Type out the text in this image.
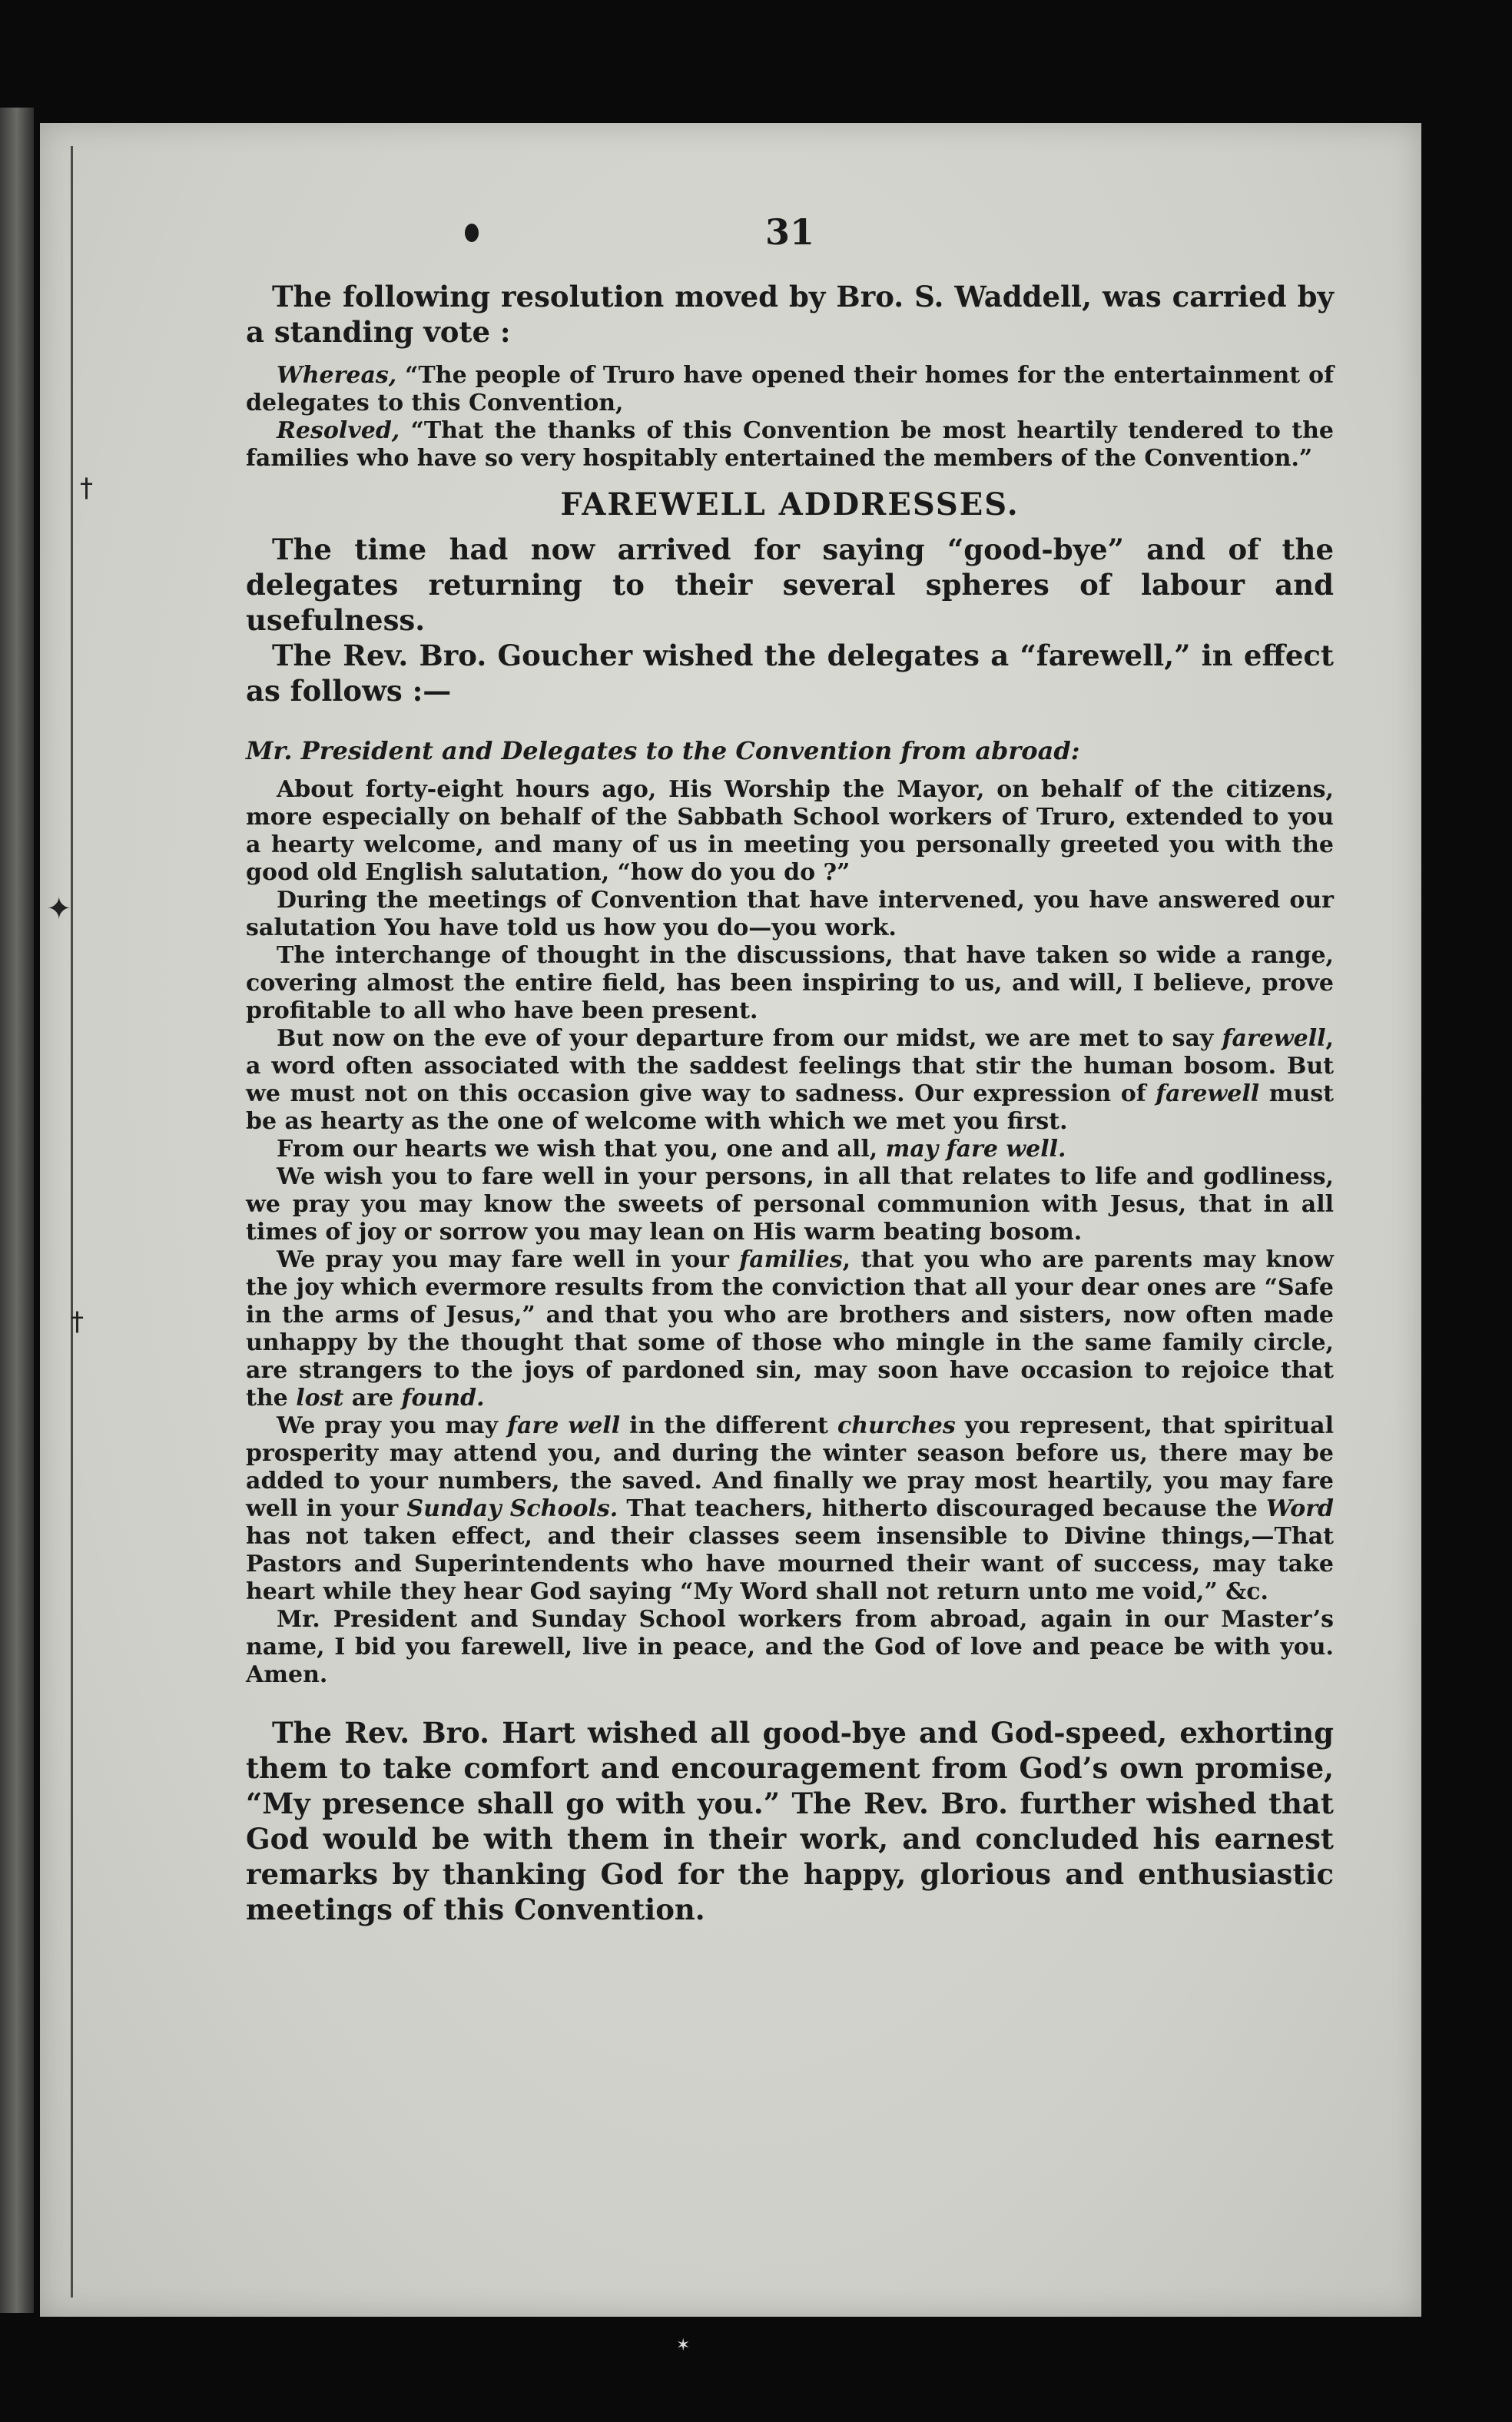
†
✦
†
31

The following resolution moved by Bro. S. Waddell, was carried by a standing vote :

Whereas, “The people of Truro have opened their homes for the entertainment of delegates to this Convention,

Resolved, “That the thanks of this Convention be most heartily tendered to the families who have so very hospitably entertained the members of the Convention.”

FAREWELL ADDRESSES.

The time had now arrived for saying “good-bye” and of the delegates returning to their several spheres of labour and usefulness.

The Rev. Bro. Goucher wished the delegates a “farewell,” in effect as follows :—

Mr. President and Delegates to the Convention from abroad:

About forty-eight hours ago, His Worship the Mayor, on behalf of the citizens, more especially on behalf of the Sabbath School workers of Truro, extended to you a hearty welcome, and many of us in meeting you personally greeted you with the good old English salutation, “how do you do ?”

During the meetings of Convention that have intervened, you have answered our salutation You have told us how you do—you work.

The interchange of thought in the discussions, that have taken so wide a range, covering almost the entire field, has been inspiring to us, and will, I believe, prove profitable to all who have been present.

But now on the eve of your departure from our midst, we are met to say farewell, a word often associated with the saddest feelings that stir the human bosom. But we must not on this occasion give way to sadness. Our expression of farewell must be as hearty as the one of welcome with which we met you first.

From our hearts we wish that you, one and all, may fare well.

We wish you to fare well in your persons, in all that relates to life and godliness, we pray you may know the sweets of personal communion with Jesus, that in all times of joy or sorrow you may lean on His warm beating bosom.

We pray you may fare well in your families, that you who are parents may know the joy which evermore results from the conviction that all your dear ones are “Safe in the arms of Jesus,” and that you who are brothers and sisters, now often made unhappy by the thought that some of those who mingle in the same family circle, are strangers to the joys of pardoned sin, may soon have occasion to rejoice that the lost are found.

We pray you may fare well in the different churches you represent, that spiritual prosperity may attend you, and during the winter season before us, there may be added to your numbers, the saved. And finally we pray most heartily, you may fare well in your Sunday Schools. That teachers, hitherto discouraged because the Word has not taken effect, and their classes seem insensible to Divine things,—That Pastors and Superintendents who have mourned their want of success, may take heart while they hear God saying “My Word shall not return unto me void,” &c.

Mr. President and Sunday School workers from abroad, again in our Master’s name, I bid you farewell, live in peace, and the God of love and peace be with you. Amen.

The Rev. Bro. Hart wished all good-bye and God-speed, exhorting them to take comfort and encouragement from God’s own promise, “My presence shall go with you.” The Rev. Bro. further wished that God would be with them in their work, and concluded his earnest remarks by thanking God for the happy, glorious and enthusiastic meetings of this Convention.

✶
